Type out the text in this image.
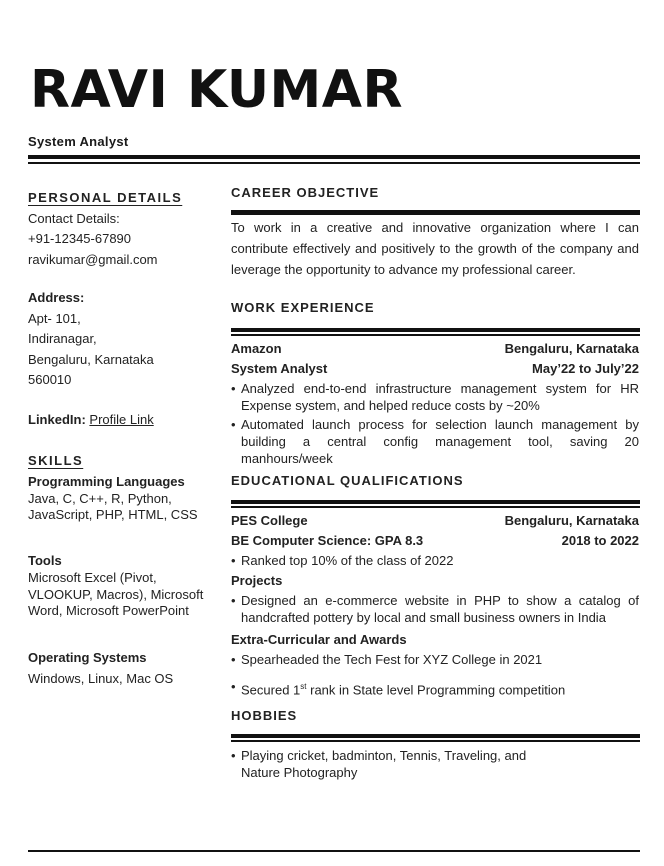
RAVI KUMAR
System Analyst
PERSONAL DETAILS
Contact Details:
+91-12345-67890
ravikumar@gmail.com
Address:
Apt- 101,
Indiranagar,
Bengaluru, Karnataka
560010
LinkedIn: Profile Link
SKILLS
Programming Languages
Java, C, C++, R, Python,
JavaScript, PHP, HTML, CSS
Tools
Microsoft Excel (Pivot,
VLOOKUP, Macros), Microsoft
Word, Microsoft PowerPoint
Operating Systems
Windows, Linux, Mac OS
CAREER OBJECTIVE
To work in a creative and innovative organization where I can contribute effectively and positively to the growth of the company and leverage the opportunity to advance my professional career.
WORK EXPERIENCE
Amazon	Bengaluru, Karnataka
System Analyst	May’22 to July’22
• Analyzed end-to-end infrastructure management system for HR Expense system, and helped reduce costs by ~20%
• Automated launch process for selection launch management by building a central config management tool, saving 20 manhours/week
EDUCATIONAL QUALIFICATIONS
PES College	Bengaluru, Karnataka
BE Computer Science: GPA 8.3	2018 to 2022
• Ranked top 10% of the class of 2022
Projects
• Designed an e-commerce website in PHP to show a catalog of handcrafted pottery by local and small business owners in India
Extra-Curricular and Awards
• Spearheaded the Tech Fest for XYZ College in 2021
• Secured 1st rank in State level Programming competition
HOBBIES
• Playing cricket, badminton, Tennis, Traveling, and Nature Photography
